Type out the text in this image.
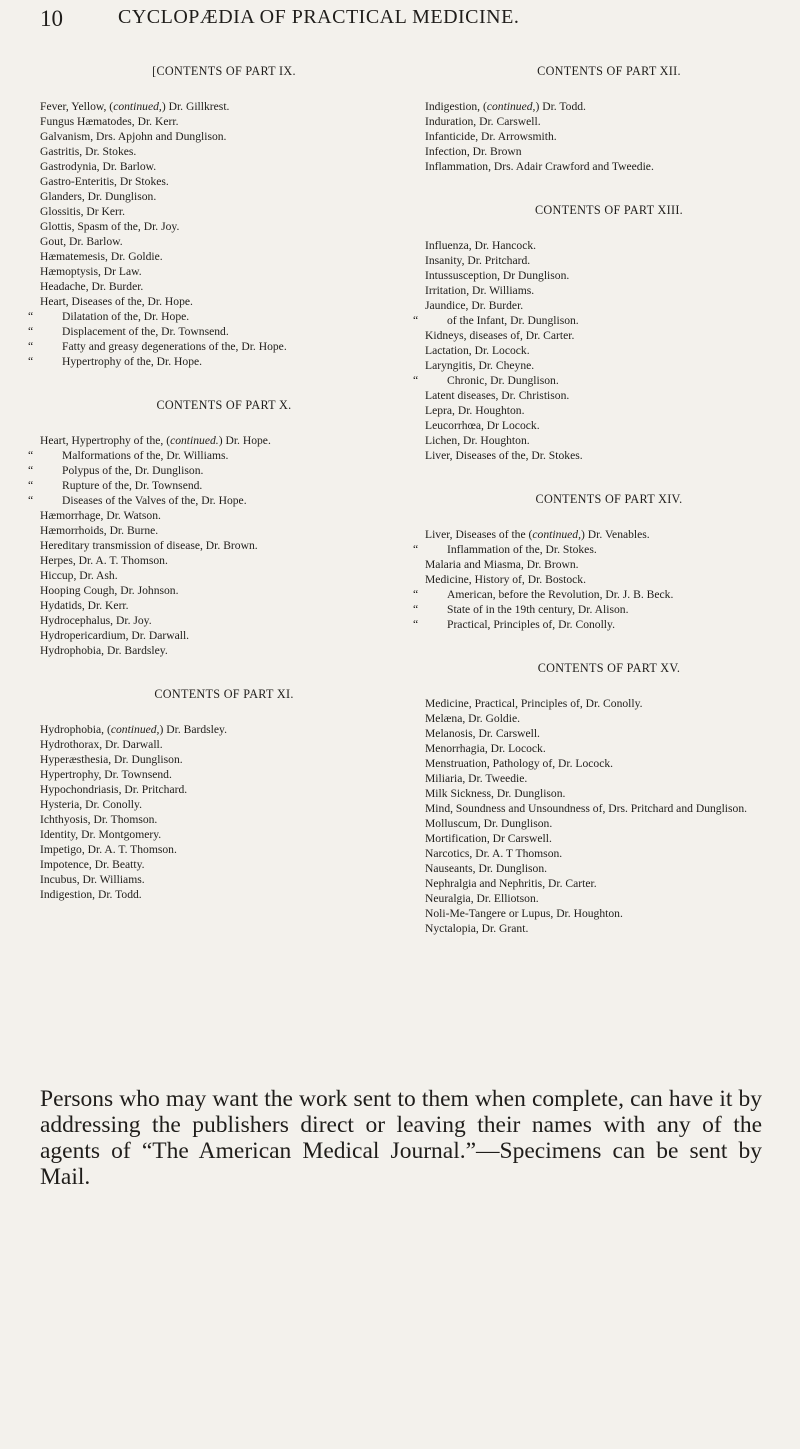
10	CYCLOPÆDIA OF PRACTICAL MEDICINE.
[CONTENTS OF PART IX.
Fever, Yellow, (continued,) Dr. Gillkrest.
Fungus Hæmatodes, Dr. Kerr.
Galvanism, Drs. Apjohn and Dunglison.
Gastritis, Dr. Stokes.
Gastrodynia, Dr. Barlow.
Gastro-Enteritis, Dr Stokes.
Glanders, Dr. Dunglison.
Glossitis, Dr Kerr.
Glottis, Spasm of the, Dr. Joy.
Gout, Dr. Barlow.
Hæmatemesis, Dr. Goldie.
Hæmoptysis, Dr Law.
Headache, Dr. Burder.
Heart, Diseases of the, Dr. Hope.
“ Dilatation of the, Dr. Hope.
“ Displacement of the, Dr. Townsend.
“ Fatty and greasy degenerations of the, Dr. Hope.
“ Hypertrophy of the, Dr. Hope.
CONTENTS OF PART X.
Heart, Hypertrophy of the, (continued.) Dr. Hope.
“ Malformations of the, Dr. Williams.
“ Polypus of the, Dr. Dunglison.
“ Rupture of the, Dr. Townsend.
“ Diseases of the Valves of the, Dr. Hope.
Hæmorrhage, Dr. Watson.
Hæmorrhoids, Dr. Burne.
Hereditary transmission of disease, Dr. Brown.
Herpes, Dr. A. T. Thomson.
Hiccup, Dr. Ash.
Hooping Cough, Dr. Johnson.
Hydatids, Dr. Kerr.
Hydrocephalus, Dr. Joy.
Hydropericardium, Dr. Darwall.
Hydrophobia, Dr. Bardsley.
CONTENTS OF PART XI.
Hydrophobia, (continued,) Dr. Bardsley.
Hydrothorax, Dr. Darwall.
Hyperæsthesia, Dr. Dunglison.
Hypertrophy, Dr. Townsend.
Hypochondriasis, Dr. Pritchard.
Hysteria, Dr. Conolly.
Ichthyosis, Dr. Thomson.
Identity, Dr. Montgomery.
Impetigo, Dr. A. T. Thomson.
Impotence, Dr. Beatty.
Incubus, Dr. Williams.
Indigestion, Dr. Todd.
CONTENTS OF PART XII.
Indigestion, (continued,) Dr. Todd.
Induration, Dr. Carswell.
Infanticide, Dr. Arrowsmith.
Infection, Dr. Brown
Inflammation, Drs. Adair Crawford and Tweedie.
CONTENTS OF PART XIII.
Influenza, Dr. Hancock.
Insanity, Dr. Pritchard.
Intussusception, Dr Dunglison.
Irritation, Dr. Williams.
Jaundice, Dr. Burder.
“ of the Infant, Dr. Dunglison.
Kidneys, diseases of, Dr. Carter.
Lactation, Dr. Locock.
Laryngitis, Dr. Cheyne.
“ Chronic, Dr. Dunglison.
Latent diseases, Dr. Christison.
Lepra, Dr. Houghton.
Leucorrhœa, Dr Locock.
Lichen, Dr. Houghton.
Liver, Diseases of the, Dr. Stokes.
CONTENTS OF PART XIV.
Liver, Diseases of the (continued,) Dr. Venables.
“ Inflammation of the, Dr. Stokes.
Malaria and Miasma, Dr. Brown.
Medicine, History of, Dr. Bostock.
“ American, before the Revolution, Dr. J. B. Beck.
“ State of in the 19th century, Dr. Alison.
“ Practical, Principles of, Dr. Conolly.
CONTENTS OF PART XV.
Medicine, Practical, Principles of, Dr. Conolly.
Melæna, Dr. Goldie.
Melanosis, Dr. Carswell.
Menorrhagia, Dr. Locock.
Menstruation, Pathology of, Dr. Locock.
Miliaria, Dr. Tweedie.
Milk Sickness, Dr. Dunglison.
Mind, Soundness and Unsoundness of, Drs. Pritchard and Dunglison.
Molluscum, Dr. Dunglison.
Mortification, Dr Carswell.
Narcotics, Dr. A. T Thomson.
Nauseants, Dr. Dunglison.
Nephralgia and Nephritis, Dr. Carter.
Neuralgia, Dr. Elliotson.
Noli-Me-Tangere or Lupus, Dr. Houghton.
Nyctalopia, Dr. Grant.
Persons who may want the work sent to them when complete, can have it by addressing the publishers direct or leaving their names with any of the agents of “The American Medical Journal.”—Specimens can be sent by Mail.
